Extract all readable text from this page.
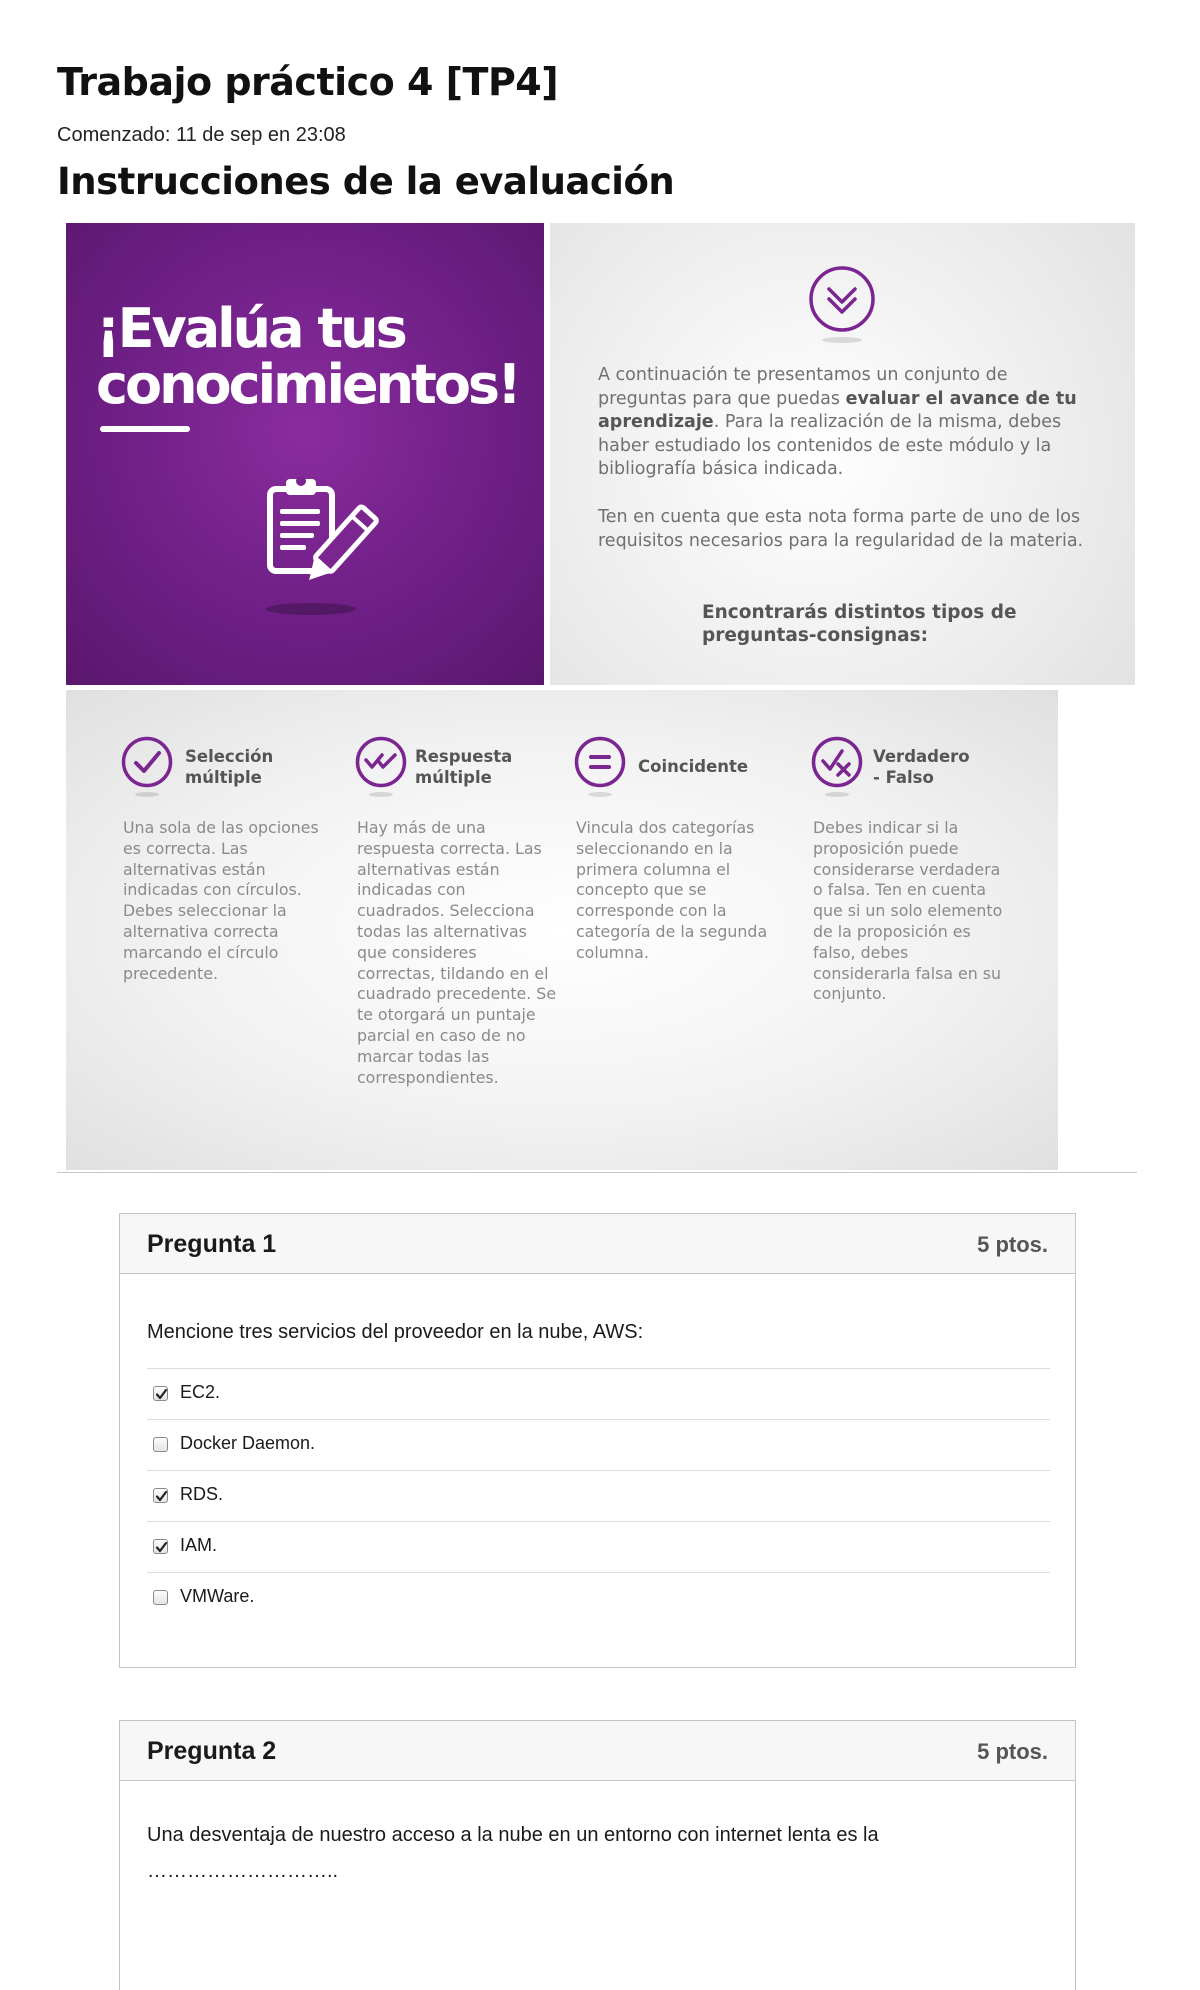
Trabajo práctico 4 [TP4]
Comenzado: 11 de sep en 23:08
Instrucciones de la evaluación
¡Evalúa tus
conocimientos!	A continuación te presentamos un conjunto de preguntas para que puedas evaluar el avance de tu aprendizaje. Para la realización de la misma, debes haber estudiado los contenidos de este módulo y la bibliografía básica indicada.

Ten en cuenta que esta nota forma parte de uno de los requisitos necesarios para la regularidad de la materia.

Encontrarás distintos tipos de preguntas-consignas:

Selección
múltiple

Una sola de las opciones es correcta. Las alternativas están indicadas con círculos. Debes seleccionar la alternativa correcta marcando el círculo precedente.

Respuesta
múltiple

Hay más de una respuesta correcta. Las alternativas están indicadas con cuadrados. Selecciona todas las alternativas que consideres correctas, tildando en el cuadrado precedente. Se te otorgará un puntaje parcial en caso de no marcar todas las correspondientes.

Coincidente

Vincula dos categorías seleccionando en la primera columna el concepto que se corresponde con la categoría de la segunda columna.

Verdadero
- Falso

Debes indicar si la proposición puede considerarse verdadera o falsa. Ten en cuenta que si un solo elemento de la proposición es falso, debes considerarla falsa en su conjunto.

Pregunta 1	5 ptos.

Mencione tres servicios del proveedor en la nube, AWS:

EC2.
Docker Daemon.
RDS.
IAM.
VMWare.
Pregunta 2	5 ptos.

Una desventaja de nuestro acceso a la nube en un entorno con internet lenta es la ………………………..
